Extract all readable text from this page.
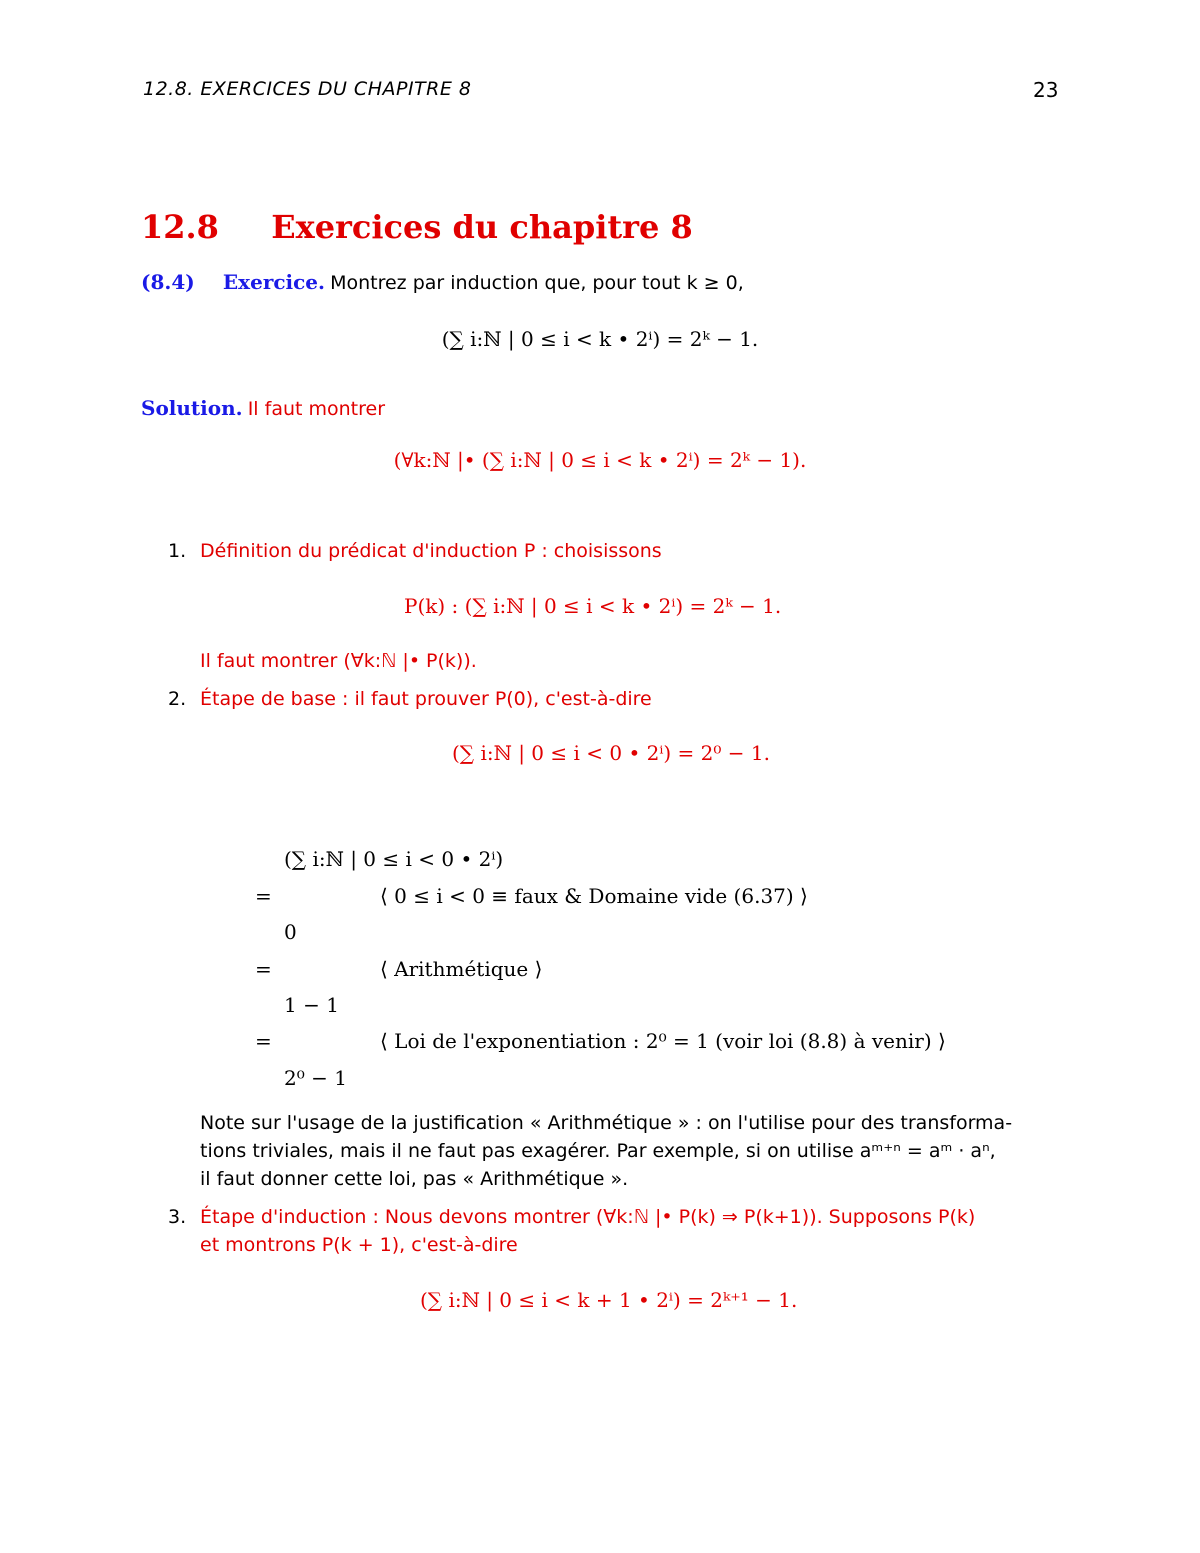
12.8. EXERCICES DU CHAPITRE 8	23
12.8 Exercices du chapitre 8
(8.4) Exercice. Montrez par induction que, pour tout k ≥ 0,
(∑ i:ℕ | 0 ≤ i < k • 2ⁱ) = 2ᵏ − 1.
Solution. Il faut montrer
(∀k:ℕ |• (∑ i:ℕ | 0 ≤ i < k • 2ⁱ) = 2ᵏ − 1).
1. Définition du prédicat d'induction P : choisissons
P(k) : (∑ i:ℕ | 0 ≤ i < k • 2ⁱ) = 2ᵏ − 1.
Il faut montrer (∀k:ℕ |• P(k)).
2. Étape de base : il faut prouver P(0), c'est-à-dire
(∑ i:ℕ | 0 ≤ i < 0 • 2ⁱ) = 2⁰ − 1.
(∑ i:ℕ | 0 ≤ i < 0 • 2ⁱ)
=	⟨ 0 ≤ i < 0 ≡ faux & Domaine vide (6.37) ⟩
0
=	⟨ Arithmétique ⟩
1 − 1
=	⟨ Loi de l'exponentiation : 2⁰ = 1 (voir loi (8.8) à venir) ⟩
2⁰ − 1
Note sur l'usage de la justification « Arithmétique » : on l'utilise pour des transforma-
tions triviales, mais il ne faut pas exagérer. Par exemple, si on utilise aᵐ⁺ⁿ = aᵐ · aⁿ,
il faut donner cette loi, pas « Arithmétique ».
3. Étape d'induction : Nous devons montrer (∀k:ℕ |• P(k) ⇒ P(k+1)). Supposons P(k)
et montrons P(k + 1), c'est-à-dire
(∑ i:ℕ | 0 ≤ i < k + 1 • 2ⁱ) = 2ᵏ⁺¹ − 1.
